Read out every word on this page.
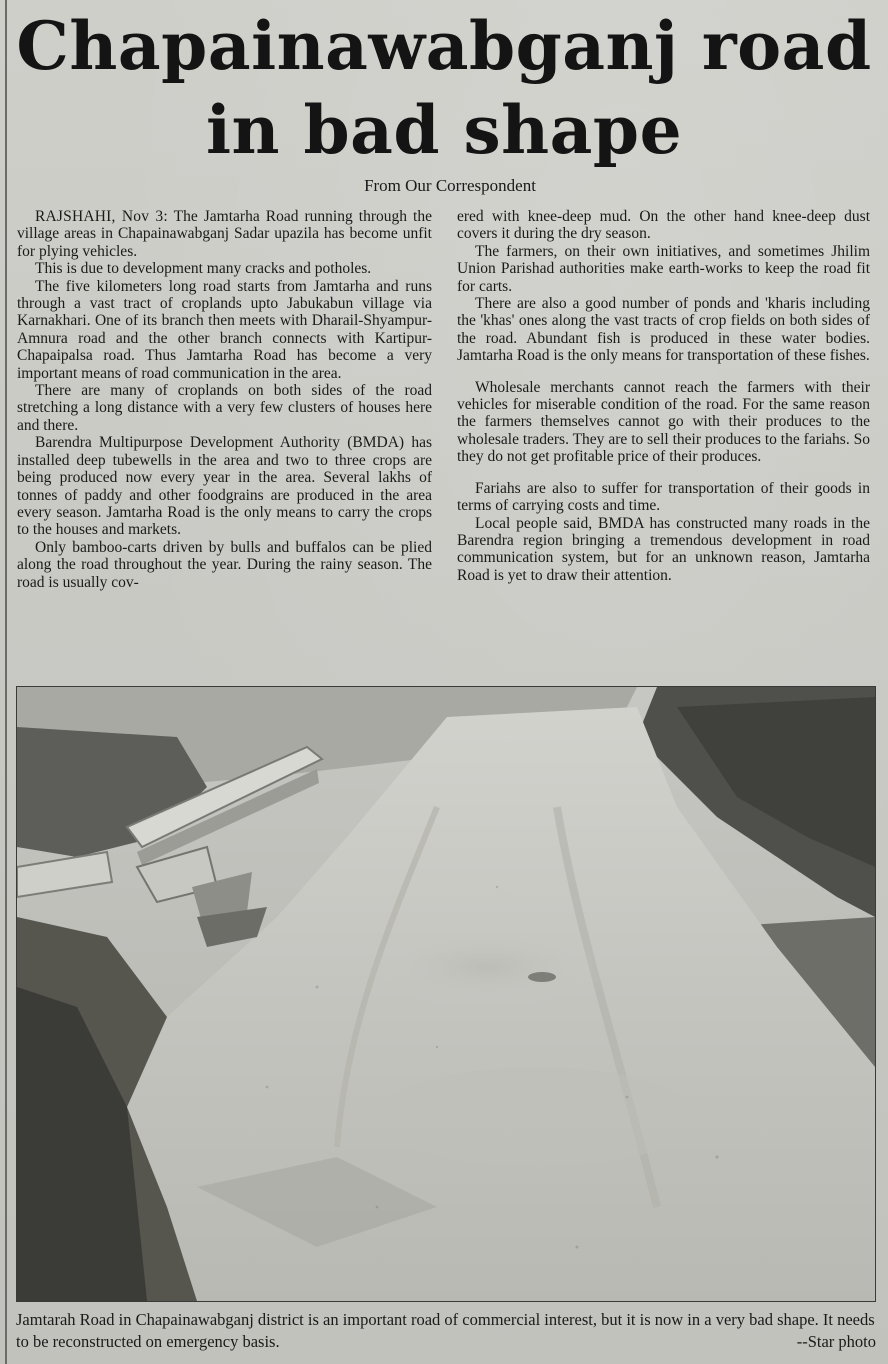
Chapainawabganj road
in bad shape
From Our Correspondent

RAJSHAHI, Nov 3: The Jamtarha Road running through the village areas in Chapainawabganj Sadar upazila has become unfit for plying vehicles.

This is due to development many cracks and potholes.

The five kilometers long road starts from Jamtarha and runs through a vast tract of croplands upto Jabukabun village via Karnakhari. One of its branch then meets with Dharail-Shyampur-Amnura road and the other branch connects with Kartipur-Chapaipalsa road. Thus Jamtarha Road has become a very important means of road communication in the area.

There are many of croplands on both sides of the road stretching a long distance with a very few clusters of houses here and there.

Barendra Multipurpose Development Authority (BMDA) has installed deep tubewells in the area and two to three crops are being produced now every year in the area. Several lakhs of tonnes of paddy and other foodgrains are produced in the area every season. Jamtarha Road is the only means to carry the crops to the houses and markets.

Only bamboo-carts driven by bulls and buffalos can be plied along the road throughout the year. During the rainy season. The road is usually cov-

ered with knee-deep mud. On the other hand knee-deep dust covers it during the dry season.

The farmers, on their own initiatives, and sometimes Jhilim Union Parishad authorities make earth-works to keep the road fit for carts.

There are also a good number of ponds and 'kharis including the 'khas' ones along the vast tracts of crop fields on both sides of the road. Abundant fish is produced in these water bodies. Jamtarha Road is the only means for transportation of these fishes.

Wholesale merchants cannot reach the farmers with their vehicles for miserable condition of the road. For the same reason the farmers themselves cannot go with their produces to the wholesale traders. They are to sell their produces to the fariahs. So they do not get profitable price of their produces.

Fariahs are also to suffer for transportation of their goods in terms of carrying costs and time.

Local people said, BMDA has constructed many roads in the Barendra region bringing a tremendous development in road communication system, but for an unknown reason, Jamtarha Road is yet to draw their attention.

Jamtarah Road in Chapainawabganj district is an important road of commercial interest, but it is now in a very bad shape. It needs to be reconstructed on emergency basis.	--Star photo
